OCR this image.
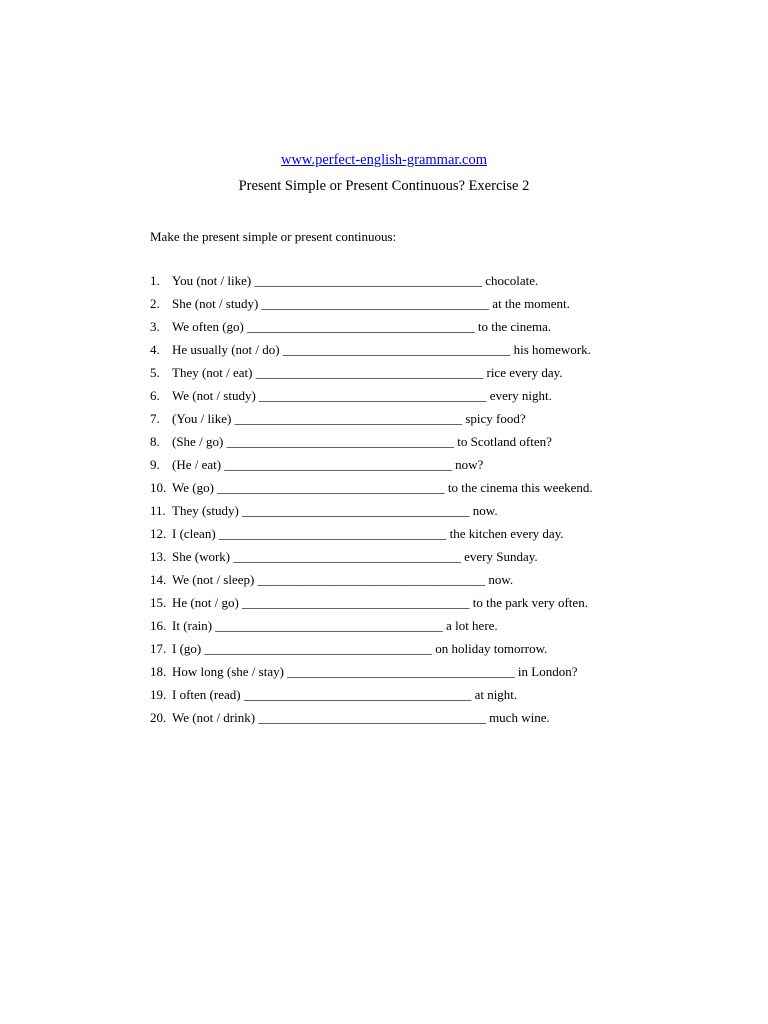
www.perfect-english-grammar.com
Present Simple or Present Continuous? Exercise 2
Make the present simple or present continuous:
1. You (not / like) ___________________________________ chocolate.
2. She (not / study) ___________________________________ at the moment.
3. We often (go) ___________________________________ to the cinema.
4. He usually (not / do) ___________________________________ his homework.
5. They (not / eat) ___________________________________ rice every day.
6. We (not / study) ___________________________________ every night.
7. (You / like) ___________________________________ spicy food?
8. (She / go) ___________________________________ to Scotland often?
9. (He / eat) ___________________________________ now?
10. We (go) ___________________________________ to the cinema this weekend.
11. They (study) ___________________________________ now.
12. I (clean) ___________________________________ the kitchen every day.
13. She (work) ___________________________________ every Sunday.
14. We (not / sleep) ___________________________________ now.
15. He (not / go) ___________________________________ to the park very often.
16. It (rain) ___________________________________ a lot here.
17. I (go) ___________________________________ on holiday tomorrow.
18. How long (she / stay) ___________________________________ in London?
19. I often (read) ___________________________________ at night.
20. We (not / drink) ___________________________________ much wine.
